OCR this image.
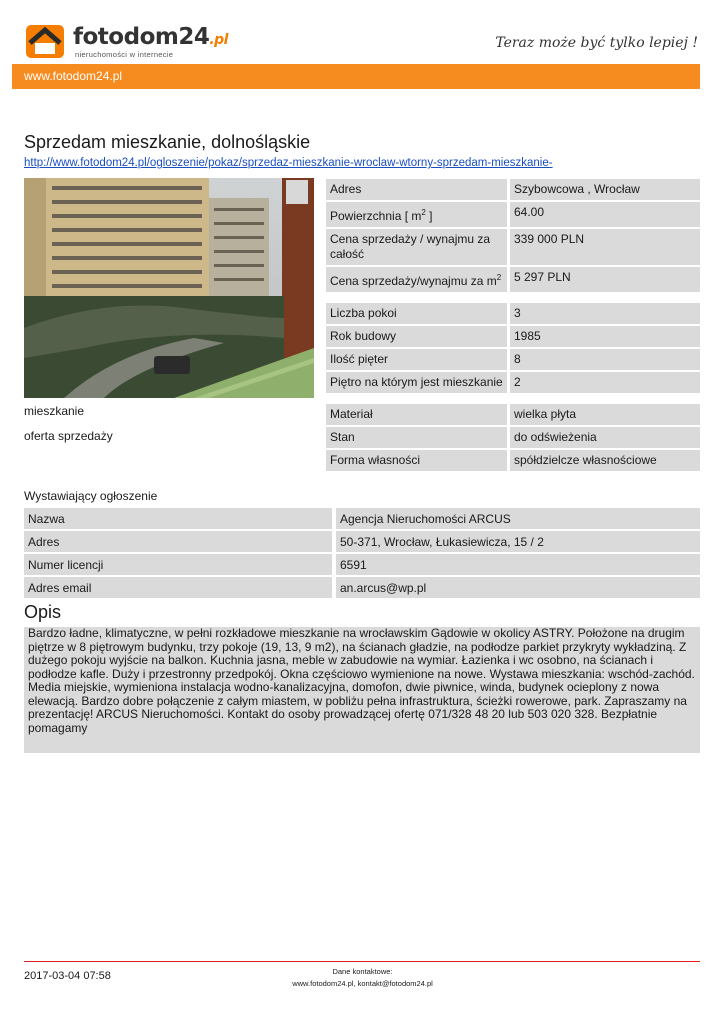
fotodom24.pl
nieruchomości w internecie
Teraz może być tylko lepiej !
www.fotodom24.pl
Sprzedam mieszkanie, dolnośląskie
http://www.fotodom24.pl/ogloszenie/pokaz/sprzedaz-mieszkanie-wroclaw-wtorny-sprzedam-mieszkanie-
mieszkanie
oferta sprzedaży
Adres	Szybowcowa , Wrocław
Powierzchnia [ $m^2$ ]	64.00
Cena sprzedaży / wynajmu za całość	339 000 PLN
Cena sprzedaży/wynajmu za $m^2$	5 297 PLN

Liczba pokoi	3
Rok budowy	1985
Ilość pięter	8
Piętro na którym jest mieszkanie	2

Materiał	wielka płyta
Stan	do odświeżenia
Forma własności	spółdzielcze własnościowe
Wystawiający ogłoszenie
Nazwa	Agencja Nieruchomości ARCUS
Adres	50-371, Wrocław, Łukasiewicza, 15 / 2
Numer licencji	6591
Adres email	an.arcus@wp.pl
Opis
Bardzo ładne, klimatyczne, w pełni rozkładowe mieszkanie na wrocławskim Gądowie w okolicy ASTRY. Położone na drugim piętrze w 8 piętrowym budynku, trzy pokoje (19, 13, 9 m2), na ścianach gładzie, na podłodze parkiet przykryty wykładziną. Z dużego pokoju wyjście na balkon. Kuchnia jasna, meble w zabudowie na wymiar. Łazienka i wc osobno, na ścianach i podłodze kafle. Duży i przestronny przedpokój. Okna częściowo wymienione na nowe. Wystawa mieszkania: wschód-zachód. Media miejskie, wymieniona instalacja wodno-kanalizacyjna, domofon, dwie piwnice, winda, budynek ocieplony z nowa elewacją. Bardzo dobre połączenie z całym miastem, w pobliżu pełna infrastruktura, ścieżki rowerowe, park. Zapraszamy na prezentację! ARCUS Nieruchomości. Kontakt do osoby prowadzącej ofertę 071/328 48 20 lub 503 020 328. Bezpłatnie pomagamy
2017-03-04 07:58	Dane kontaktowe:
www.fotodom24.pl, kontakt@fotodom24.pl
